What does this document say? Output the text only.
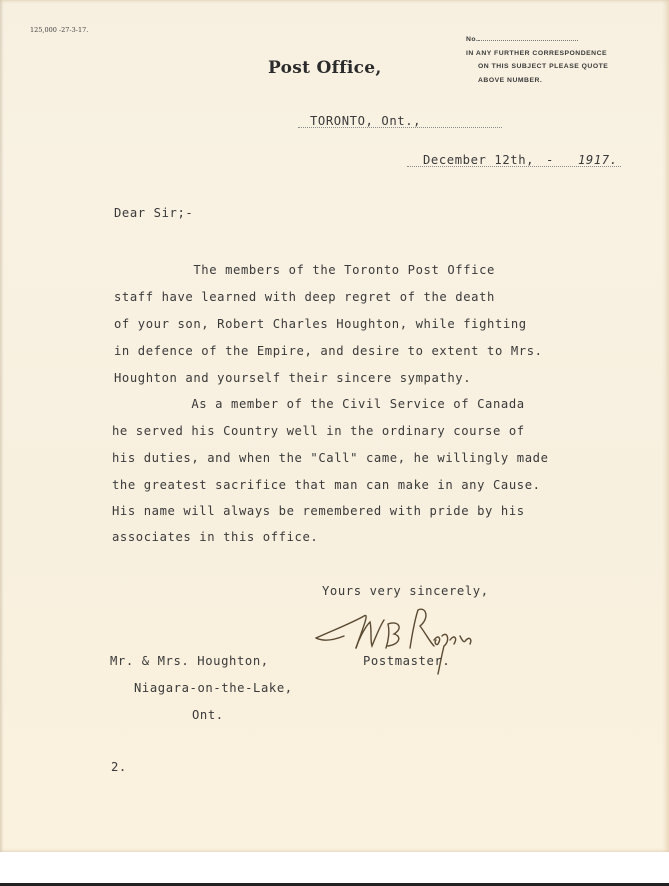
125,000 -27-3-17.
No.
IN ANY FURTHER CORRESPONDENCE
ON THIS SUBJECT PLEASE QUOTE
ABOVE NUMBER.
Post Office,
TORONTO, Ont.,
December 12th, - 1917.
Dear Sir;-
The members of the Toronto Post Office
staff have learned with deep regret of the death
of your son, Robert Charles Houghton, while fighting
in defence of the Empire, and desire to extent to Mrs.
Houghton and yourself their sincere sympathy.
As a member of the Civil Service of Canada
he served his Country well in the ordinary course of
his duties, and when the "Call" came, he willingly made
the greatest sacrifice that man can make in any Cause.
His name will always be remembered with pride by his
associates in this office.
Yours very sincerely,
Postmaster.
Mr. & Mrs. Houghton,
Niagara-on-the-Lake,
Ont.
2.
